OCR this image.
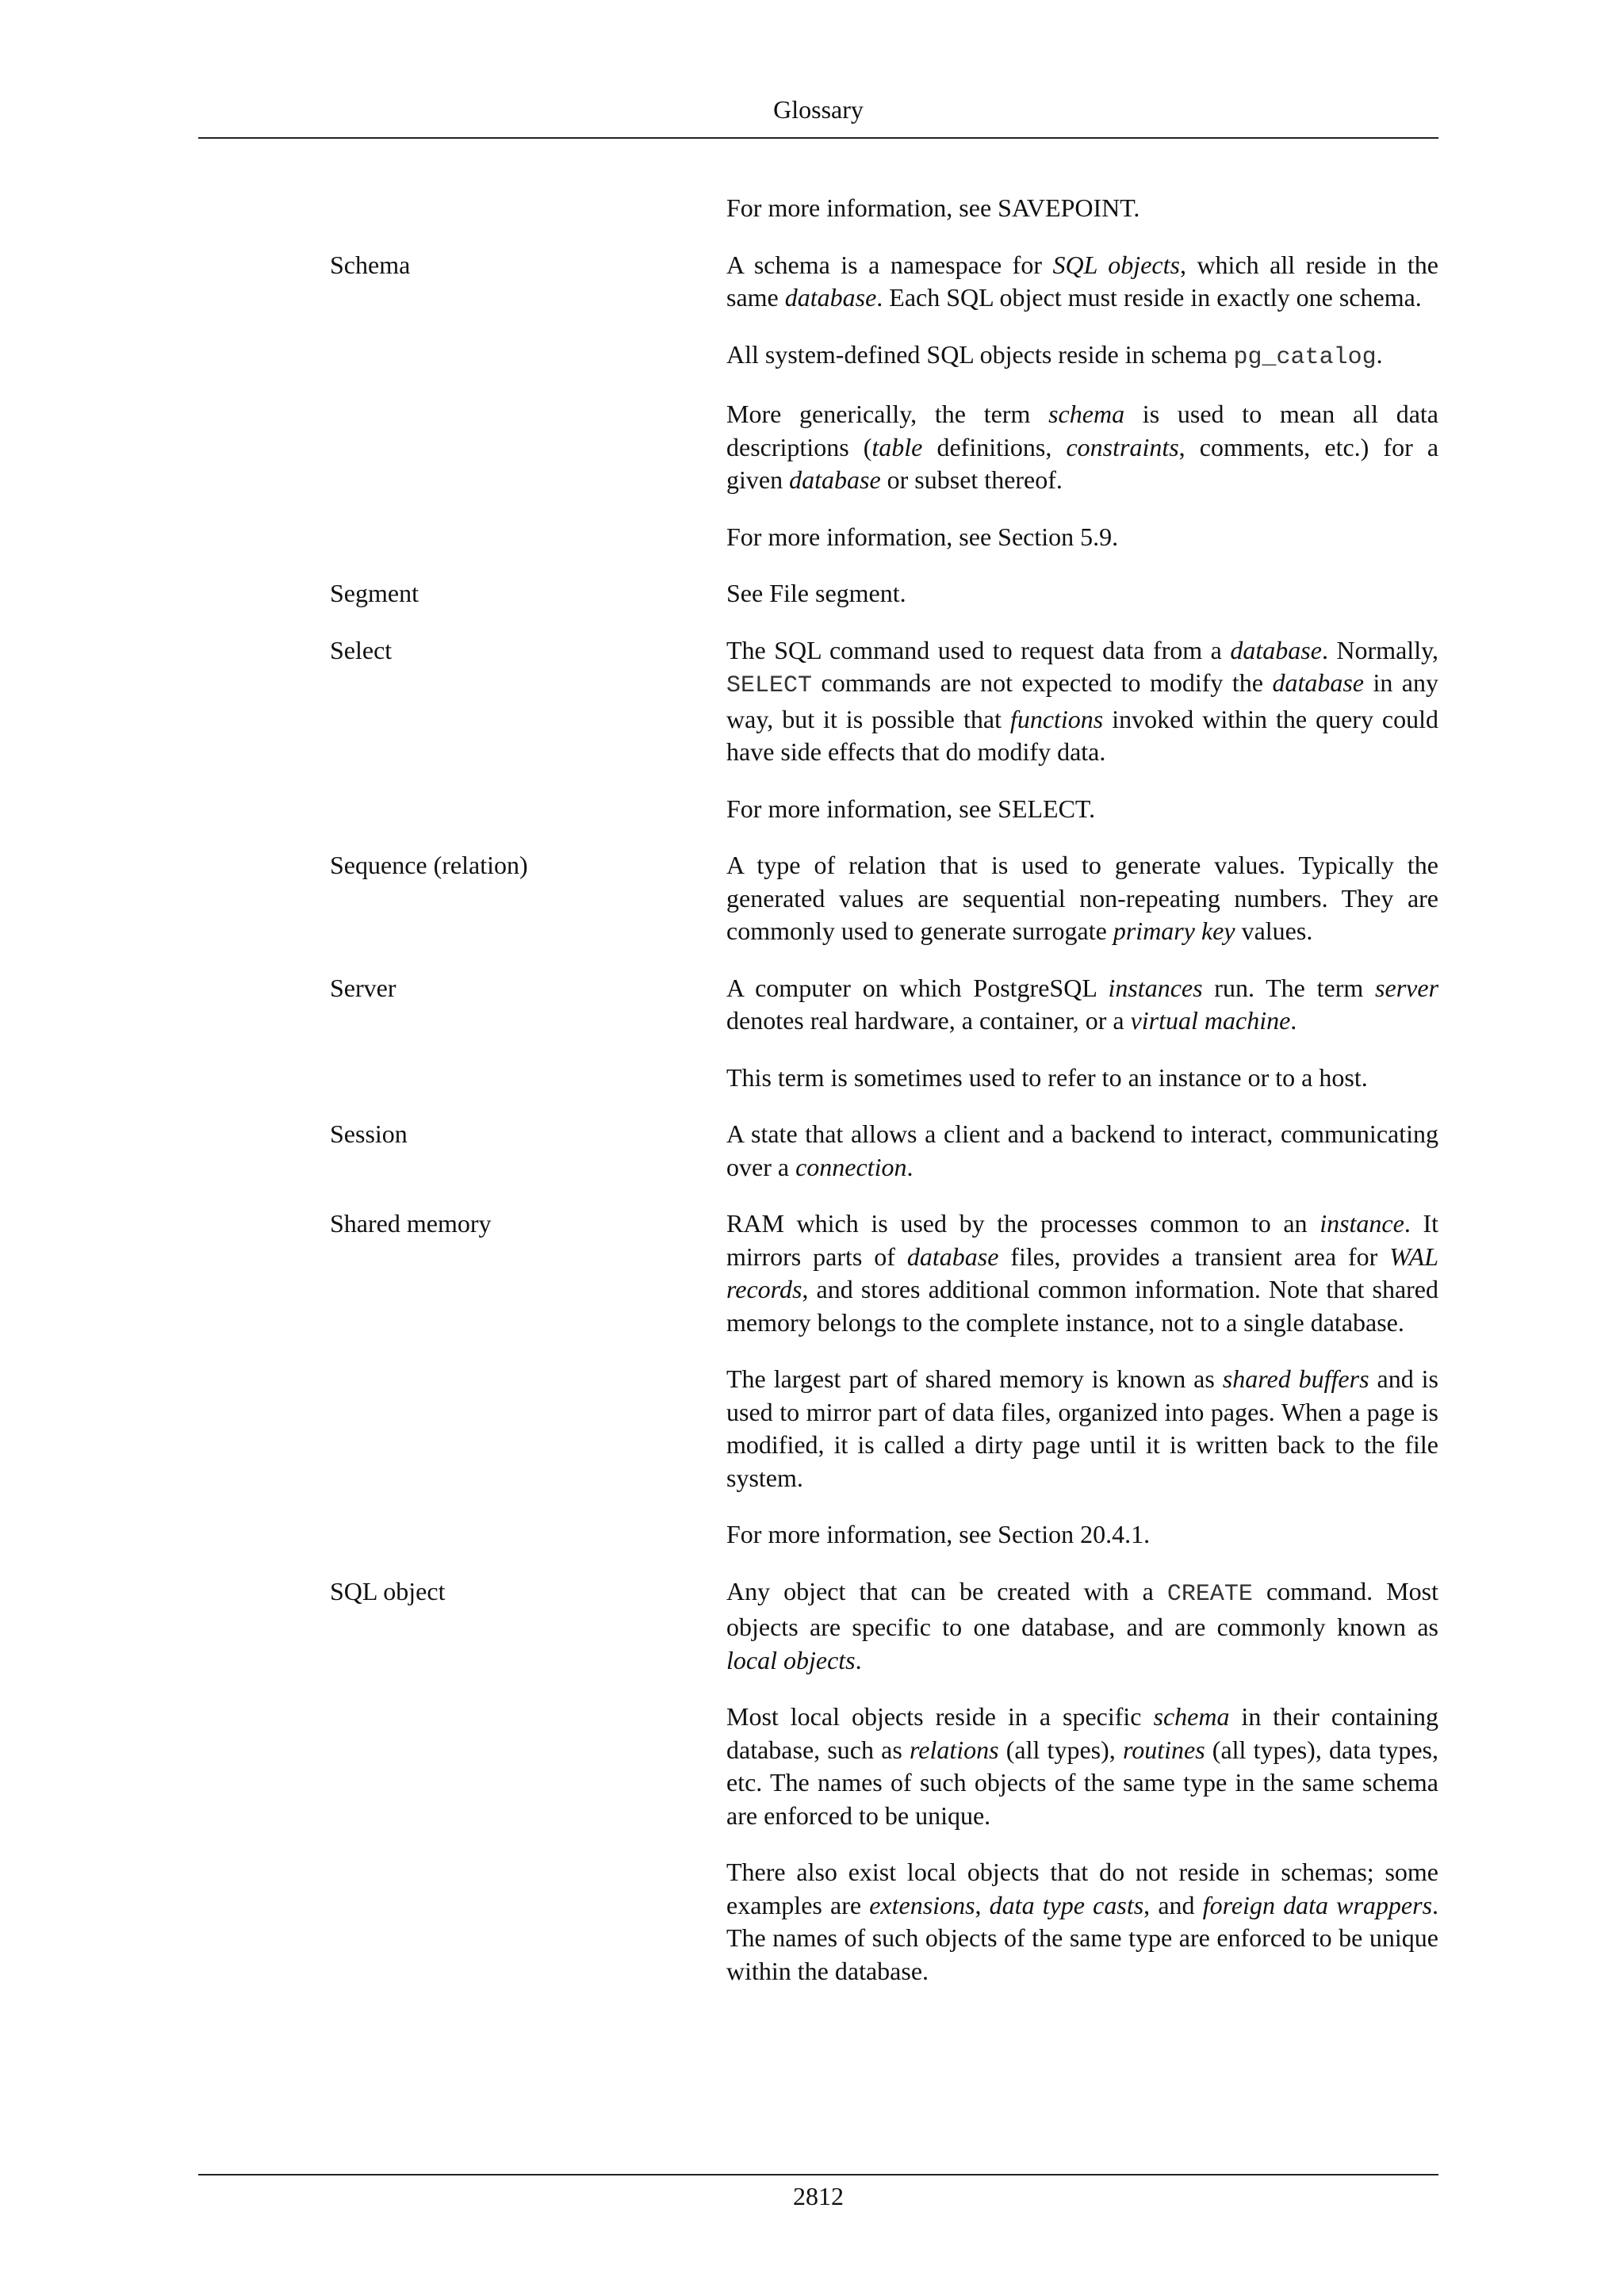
Glossary

For more information, see SAVEPOINT.

Schema	A schema is a namespace for SQL objects, which all reside in the same database. Each SQL object must reside in exactly one schema.

All system-defined SQL objects reside in schema pg_catalog.

More generically, the term schema is used to mean all data descriptions (table definitions, constraints, comments, etc.) for a given database or subset thereof.

For more information, see Section 5.9.

Segment	See File segment.

Select	The SQL command used to request data from a database. Normally, SELECT commands are not expected to modify the database in any way, but it is possible that functions invoked within the query could have side effects that do modify data.

For more information, see SELECT.

Sequence (relation)	A type of relation that is used to generate values. Typically the generated values are sequential non-repeating numbers. They are commonly used to generate surrogate primary key values.

Server	A computer on which PostgreSQL instances run. The term server denotes real hardware, a container, or a virtual machine.

This term is sometimes used to refer to an instance or to a host.

Session	A state that allows a client and a backend to interact, communicating over a connection.

Shared memory	RAM which is used by the processes common to an instance. It mirrors parts of database files, provides a transient area for WAL records, and stores additional common information. Note that shared memory belongs to the complete instance, not to a single database.

The largest part of shared memory is known as shared buffers and is used to mirror part of data files, organized into pages. When a page is modified, it is called a dirty page until it is written back to the file system.

For more information, see Section 20.4.1.

SQL object	Any object that can be created with a CREATE command. Most objects are specific to one database, and are commonly known as local objects.

Most local objects reside in a specific schema in their containing database, such as relations (all types), routines (all types), data types, etc. The names of such objects of the same type in the same schema are enforced to be unique.

There also exist local objects that do not reside in schemas; some examples are extensions, data type casts, and foreign data wrappers. The names of such objects of the same type are enforced to be unique within the database.

2812
